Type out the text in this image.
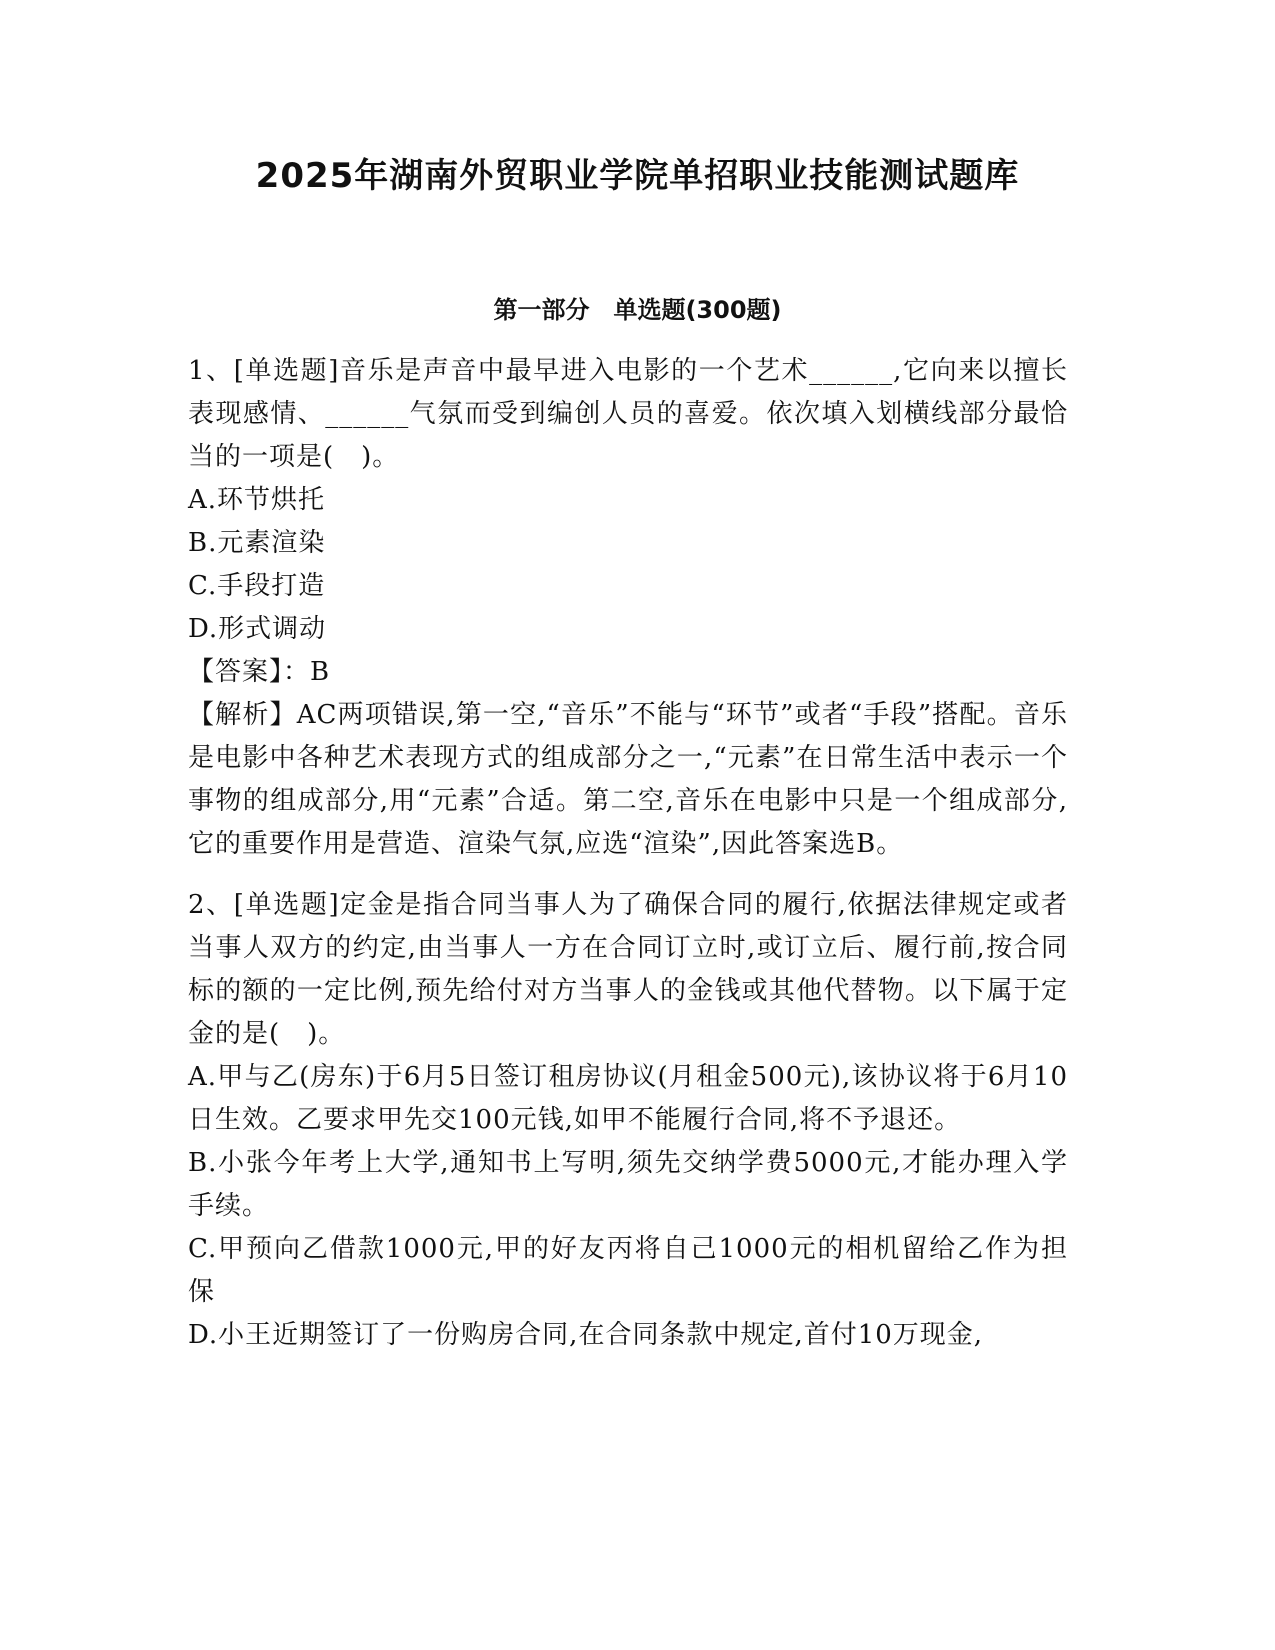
2025年湖南外贸职业学院单招职业技能测试题库
第一部分　单选题(300题)

1、[单选题]音乐是声音中最早进入电影的一个艺术______,它向来以擅长表现感情、______气氛而受到编创人员的喜爱。依次填入划横线部分最恰当的一项是(　)。

A.环节烘托

B.元素渲染

C.手段打造

D.形式调动

【答案】：B

【解析】AC两项错误,第一空,“音乐”不能与“环节”或者“手段”搭配。音乐是电影中各种艺术表现方式的组成部分之一,“元素”在日常生活中表示一个事物的组成部分,用“元素”合适。第二空,音乐在电影中只是一个组成部分,它的重要作用是营造、渲染气氛,应选“渲染”,因此答案选B。

2、[单选题]定金是指合同当事人为了确保合同的履行,依据法律规定或者当事人双方的约定,由当事人一方在合同订立时,或订立后、履行前,按合同标的额的一定比例,预先给付对方当事人的金钱或其他代替物。以下属于定金的是(　)。

A.甲与乙(房东)于6月5日签订租房协议(月租金500元),该协议将于6月10日生效。乙要求甲先交100元钱,如甲不能履行合同,将不予退还。

B.小张今年考上大学,通知书上写明,须先交纳学费5000元,才能办理入学手续。

C.甲预向乙借款1000元,甲的好友丙将自己1000元的相机留给乙作为担保

D.小王近期签订了一份购房合同,在合同条款中规定,首付10万现金,
